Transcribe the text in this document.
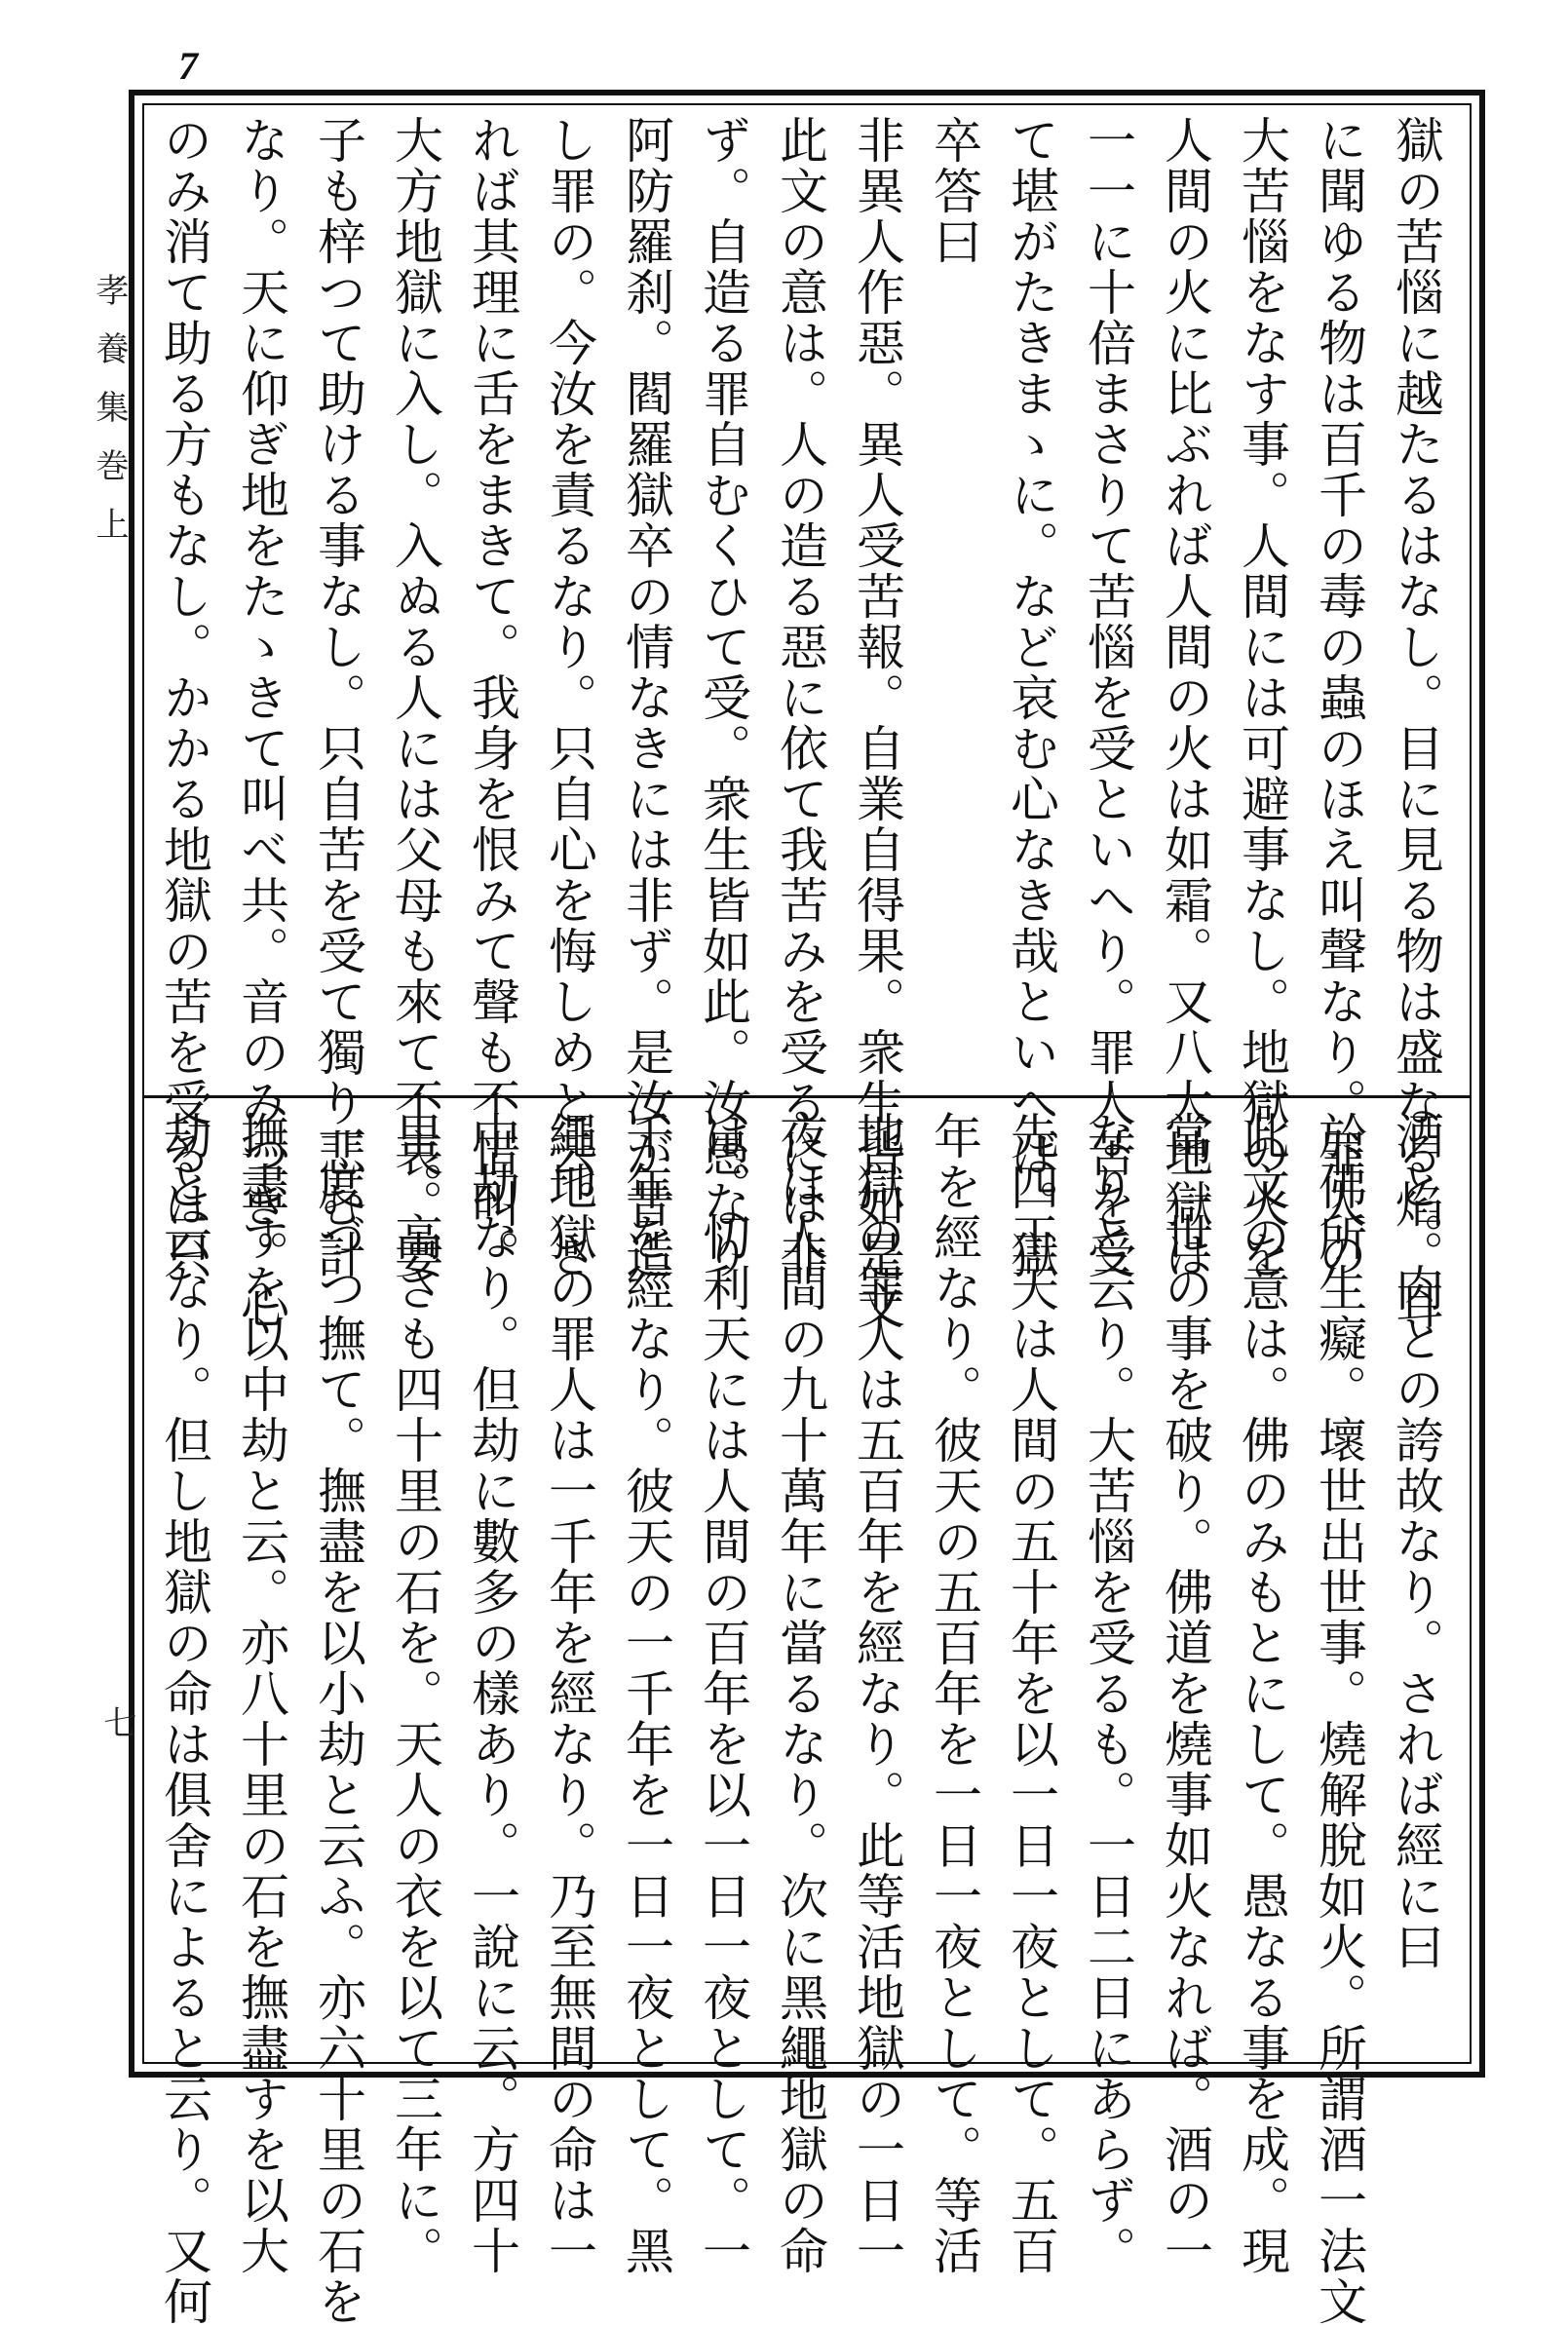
7
孝養集巻上
七
獄の苦惱に越たるはなし。目に見る物は盛なる焰。耳
に聞ゆる物は百千の毒の蟲のほえ叫聲なり。罪人の
大苦惱をなす事。人間には可避事なし。地獄の火を
人間の火に比ぶれば人間の火は如霜。又八大地獄は
一一に十倍まさりて苦惱を受といへり。罪人苦を受
て堪がたきまゝに。など哀む心なき哉といへば。獄
卒答曰
非異人作惡。異人受苦報。自業自得果。衆生皆如是文
此文の意は。人の造る惡に依て我苦みを受るには非
ず。自造る罪自むくひて受。衆生皆如此。汝愚なり
阿防羅刹。閻羅獄卒の情なきには非ず。是汝が昔造
し罪の。今汝を責るなり。只自心を悔しめと云。さ
れば其理に舌をまきて。我身を恨みて聲も不惜叫。
大方地獄に入し。入ぬる人には父母も來て不哀。妻
子も梓つて助ける事なし。只自苦を受て獨り悲む計
なり。天に仰ぎ地をたゝきて叫べ共。音のみつき。心
のみ消て助る方もなし。かかる地獄の苦を受るは只
酒と。肉との誇故なり。されば經に曰
於佛所生癡。壞世出世事。燒解脫如火。所謂酒一法文
此文の意は。佛のみもとにして。愚なる事を成。現
當二世の事を破り。佛道を燒事如火なれば。酒の一
なりと云り。大苦惱を受るも。一日二日にあらず。
先四王天は人間の五十年を以一日一夜として。五百
年を經なり。彼天の五百年を一日一夜として。等活
地獄の罪人は五百年を經なり。此等活地獄の一日一
夜は人間の九十萬年に當るなり。次に黑繩地獄の命
は。忉利天には人間の百年を以一日一夜として。一
千年を經なり。彼天の一千年を一日一夜として。黑
繩地獄の罪人は一千年を經なり。乃至無間の命は一
中劫なり。但劫に數多の樣あり。一說に云。方四十
里。高さも四十里の石を。天人の衣を以て三年に。
一度づつ撫て。撫盡を以小劫と云ふ。亦六十里の石を
撫盡すを以中劫と云。亦八十里の石を撫盡すを以大
劫と云なり。但し地獄の命は俱舍によると云り。又何
